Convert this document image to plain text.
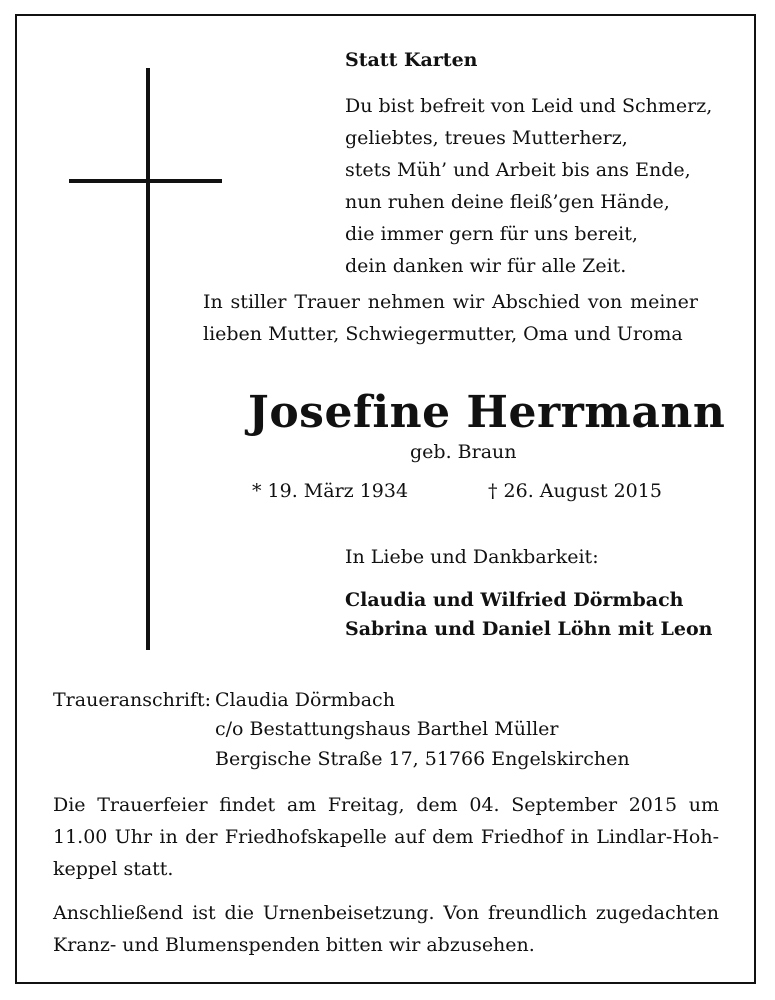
Statt Karten
Du bist befreit von Leid und Schmerz,
geliebtes, treues Mutterherz,
stets Müh’ und Arbeit bis ans Ende,
nun ruhen deine fleiß’gen Hände,
die immer gern für uns bereit,
dein danken wir für alle Zeit.
In stiller Trauer nehmen wir Abschied von meiner
lieben Mutter, Schwiegermutter, Oma und Uroma
Josefine Herrmann
geb. Braun
* 19. März 1934	† 26. August 2015
In Liebe und Dankbarkeit:
Claudia und Wilfried Dörmbach
Sabrina und Daniel Löhn mit Leon
Traueranschrift: Claudia Dörmbach
c/o Bestattungshaus Barthel Müller
Bergische Straße 17, 51766 Engelskirchen
Die Trauerfeier findet am Freitag, dem 04. September 2015 um
11.00 Uhr in der Friedhofskapelle auf dem Friedhof in Lindlar-Hoh-
keppel statt.
Anschließend ist die Urnenbeisetzung. Von freundlich zugedachten
Kranz- und Blumenspenden bitten wir abzusehen.
